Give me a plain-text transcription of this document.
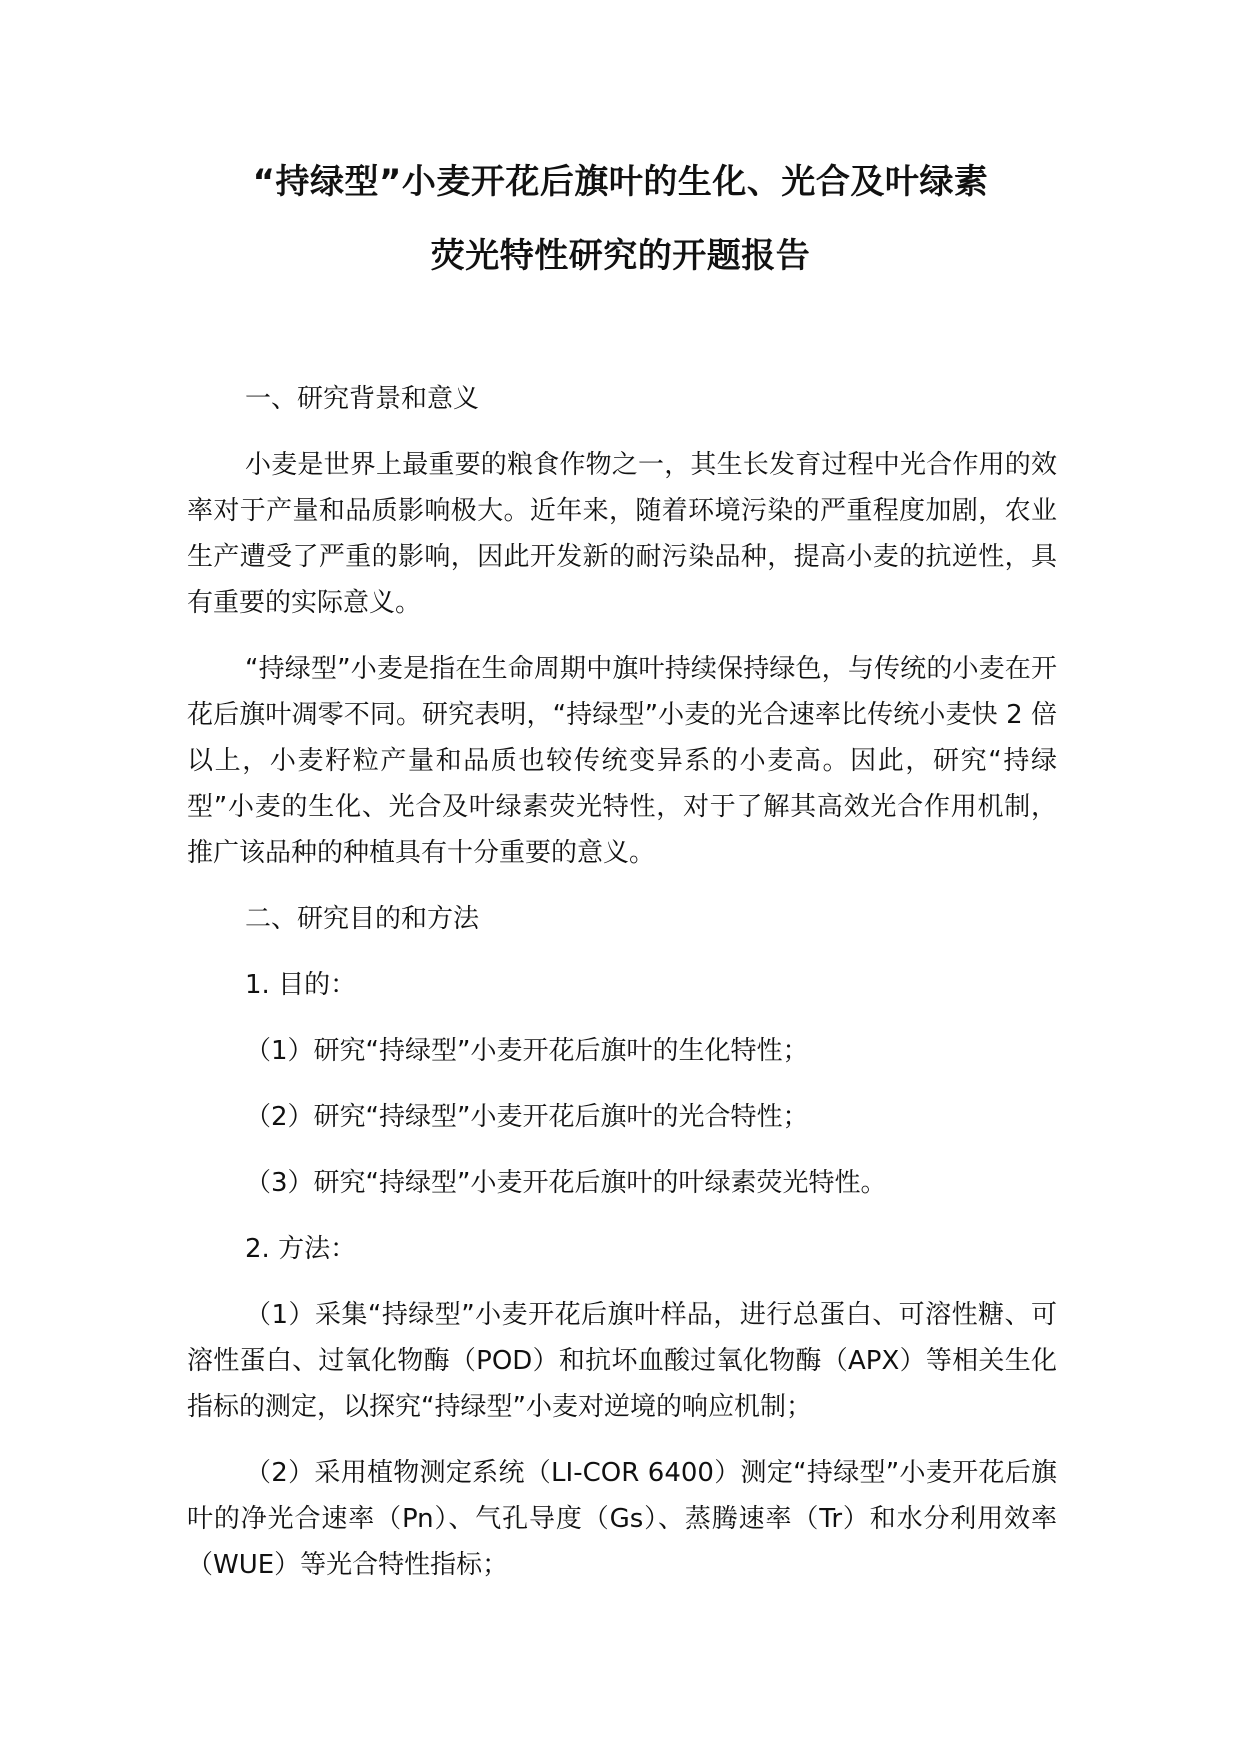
“持绿型”小麦开花后旗叶的生化、光合及叶绿素
荧光特性研究的开题报告
一、研究背景和意义
小麦是世界上最重要的粮食作物之一，其生长发育过程中光合作用的效率对于产量和品质影响极大。近年来，随着环境污染的严重程度加剧，农业生产遭受了严重的影响，因此开发新的耐污染品种，提高小麦的抗逆性，具有重要的实际意义。
“持绿型”小麦是指在生命周期中旗叶持续保持绿色，与传统的小麦在开花后旗叶凋零不同。研究表明，“持绿型”小麦的光合速率比传统小麦快 2 倍以上，小麦籽粒产量和品质也较传统变异系的小麦高。因此，研究“持绿型”小麦的生化、光合及叶绿素荧光特性，对于了解其高效光合作用机制，推广该品种的种植具有十分重要的意义。
二、研究目的和方法
1. 目的：
（1）研究“持绿型”小麦开花后旗叶的生化特性；
（2）研究“持绿型”小麦开花后旗叶的光合特性；
（3）研究“持绿型”小麦开花后旗叶的叶绿素荧光特性。
2. 方法：
（1）采集“持绿型”小麦开花后旗叶样品，进行总蛋白、可溶性糖、可溶性蛋白、过氧化物酶（POD）和抗坏血酸过氧化物酶（APX）等相关生化指标的测定，以探究“持绿型”小麦对逆境的响应机制；
（2）采用植物测定系统（LI-COR 6400）测定“持绿型”小麦开花后旗叶的净光合速率（Pn）、气孔导度（Gs）、蒸腾速率（Tr）和水分利用效率（WUE）等光合特性指标；
